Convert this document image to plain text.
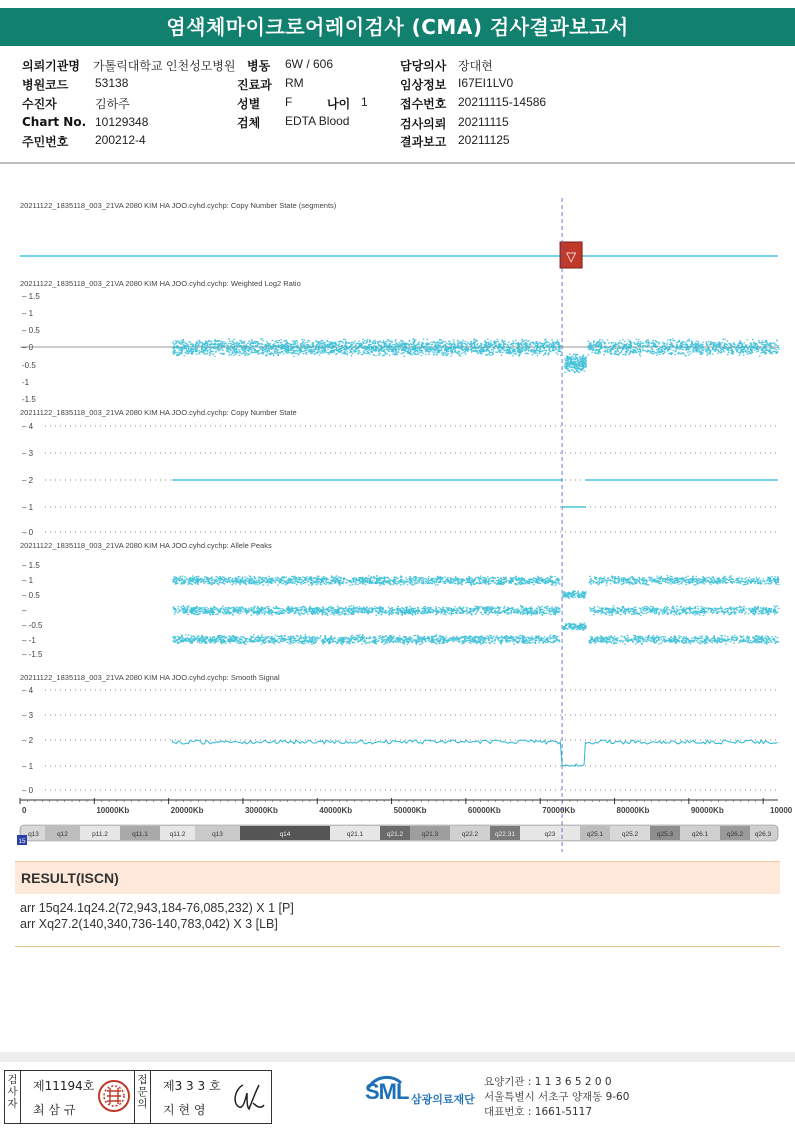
염색체마이크로어레이검사 (CMA) 검사결과보고서
의뢰기관명 가톨릭대학교 인천성모병원
병원코드 53138
수진자	김하주
Chart No. 10129348
주민번호 200212-4
병동 6W / 606
진료과 RM
성별 F	나이 1
검체 EDTA Blood
담당의사 장대현
임상정보 I67EI1LV0
접수번호 20211115-14586
검사의뢰 20211115
결과보고 20211125
20211122_1835118_003_21VA 2080 KIM HA JOO.cyhd.cychp: Copy Number State (segments)
▽
20211122_1835118_003_21VA 2080 KIM HA JOO.cyhd.cychp: Weighted Log2 Ratio
– 1.5
– 1
– 0.5
– 0
-0.5
-1
-1.5
20211122_1835118_003_21VA 2080 KIM HA JOO.cyhd.cychp: Copy Number State
– 4
– 3
– 2
– 1
– 0
20211122_1835118_003_21VA 2080 KIM HA JOO.cyhd.cychp: Allele Peaks
– 1.5
– 1
– 0.5
–
– -0.5
– -1
– -1.5
20211122_1835118_003_21VA 2080 KIM HA JOO.cyhd.cychp: Smooth Signal
– 4
– 3
– 2
– 1
– 0
0	10000Kb	20000Kb	30000Kb	40000Kb	50000Kb	60000Kb	70000Kb	80000Kb	90000Kb	10000
q13	q12	p11.2	q11.1	q11.2	q13	q14	q21.1	q21.2	q21.3	q22.2	q22.31	q23	q25.1	q25.2	q25.3	q26.1	q26.2 q26.3
15
RESULT(ISCN)
arr 15q24.1q24.2(72,943,184-76,085,232) X 1 [P]
arr Xq27.2(140,340,736-140,783,042) X 3 [LB]
검사자
제11194호
최 삼 규
접문의
제3 3 3 호
지 현 영
SML 삼광의료재단
요양기관 : 1 1 3 6 5 2 0 0
서울특별시 서초구 양재동 9-60
대표번호 : 1661-5117
